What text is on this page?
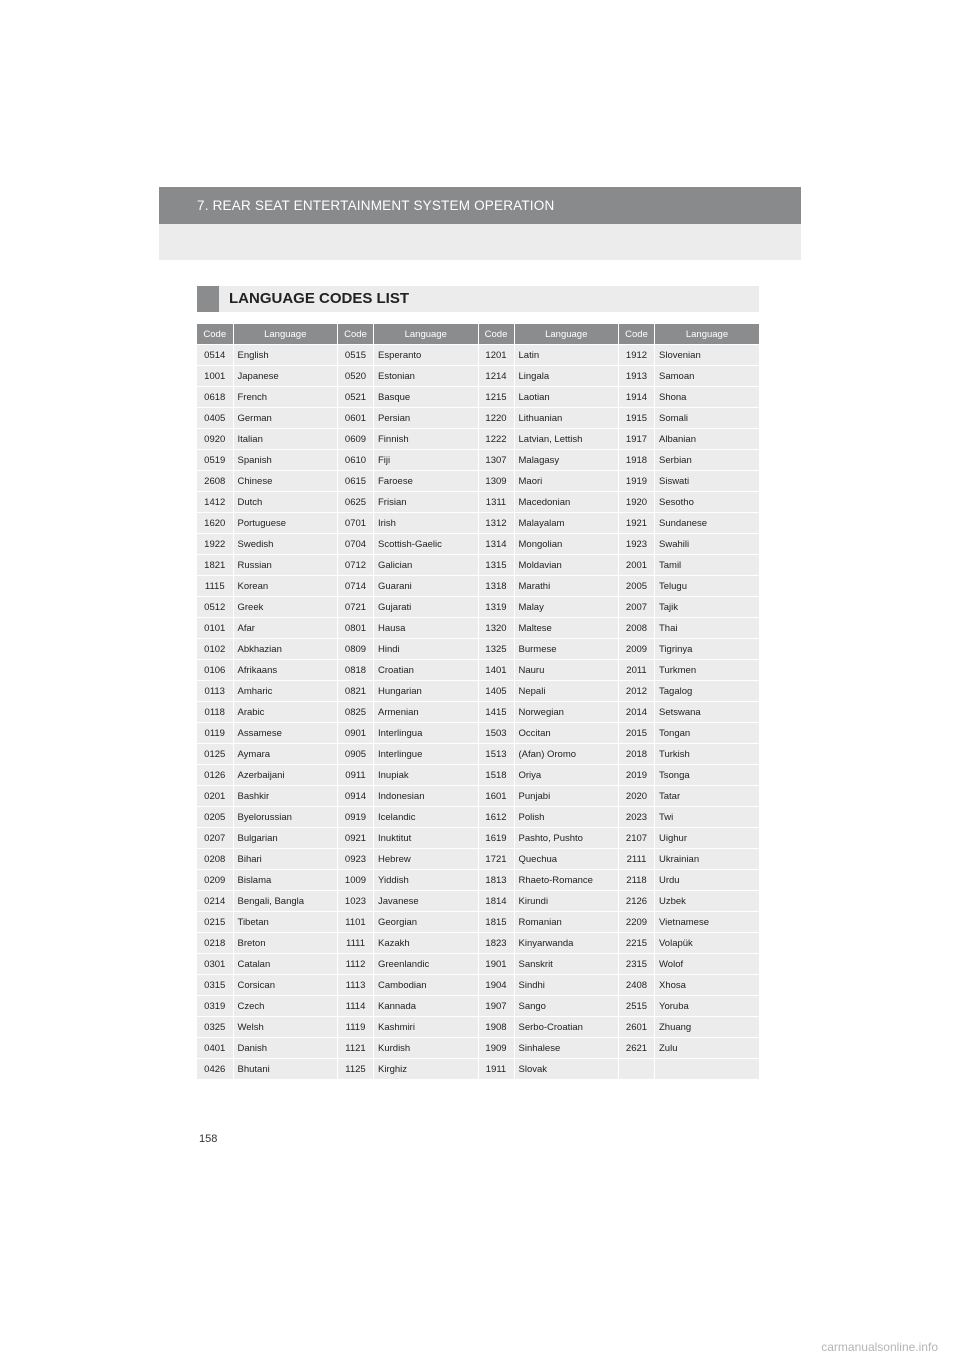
7. REAR SEAT ENTERTAINMENT SYSTEM OPERATION
LANGUAGE CODES LIST
Code	Language	Code	Language	Code	Language	Code	Language
0514	English	0515	Esperanto	1201	Latin	1912	Slovenian
1001	Japanese	0520	Estonian	1214	Lingala	1913	Samoan
0618	French	0521	Basque	1215	Laotian	1914	Shona
0405	German	0601	Persian	1220	Lithuanian	1915	Somali
0920	Italian	0609	Finnish	1222	Latvian, Lettish	1917	Albanian
0519	Spanish	0610	Fiji	1307	Malagasy	1918	Serbian
2608	Chinese	0615	Faroese	1309	Maori	1919	Siswati
1412	Dutch	0625	Frisian	1311	Macedonian	1920	Sesotho
1620	Portuguese	0701	Irish	1312	Malayalam	1921	Sundanese
1922	Swedish	0704	Scottish-Gaelic	1314	Mongolian	1923	Swahili
1821	Russian	0712	Galician	1315	Moldavian	2001	Tamil
1115	Korean	0714	Guarani	1318	Marathi	2005	Telugu
0512	Greek	0721	Gujarati	1319	Malay	2007	Tajik
0101	Afar	0801	Hausa	1320	Maltese	2008	Thai
0102	Abkhazian	0809	Hindi	1325	Burmese	2009	Tigrinya
0106	Afrikaans	0818	Croatian	1401	Nauru	2011	Turkmen
0113	Amharic	0821	Hungarian	1405	Nepali	2012	Tagalog
0118	Arabic	0825	Armenian	1415	Norwegian	2014	Setswana
0119	Assamese	0901	Interlingua	1503	Occitan	2015	Tongan
0125	Aymara	0905	Interlingue	1513	(Afan) Oromo	2018	Turkish
0126	Azerbaijani	0911	Inupiak	1518	Oriya	2019	Tsonga
0201	Bashkir	0914	Indonesian	1601	Punjabi	2020	Tatar
0205	Byelorussian	0919	Icelandic	1612	Polish	2023	Twi
0207	Bulgarian	0921	Inuktitut	1619	Pashto, Pushto	2107	Uighur
0208	Bihari	0923	Hebrew	1721	Quechua	2111	Ukrainian
0209	Bislama	1009	Yiddish	1813	Rhaeto-Romance	2118	Urdu
0214	Bengali, Bangla	1023	Javanese	1814	Kirundi	2126	Uzbek
0215	Tibetan	1101	Georgian	1815	Romanian	2209	Vietnamese
0218	Breton	1111	Kazakh	1823	Kinyarwanda	2215	Volapük
0301	Catalan	1112	Greenlandic	1901	Sanskrit	2315	Wolof
0315	Corsican	1113	Cambodian	1904	Sindhi	2408	Xhosa
0319	Czech	1114	Kannada	1907	Sango	2515	Yoruba
0325	Welsh	1119	Kashmiri	1908	Serbo-Croatian	2601	Zhuang
0401	Danish	1121	Kurdish	1909	Sinhalese	2621	Zulu
0426	Bhutani	1125	Kirghiz	1911	Slovak		
158
carmanualsonline.info
